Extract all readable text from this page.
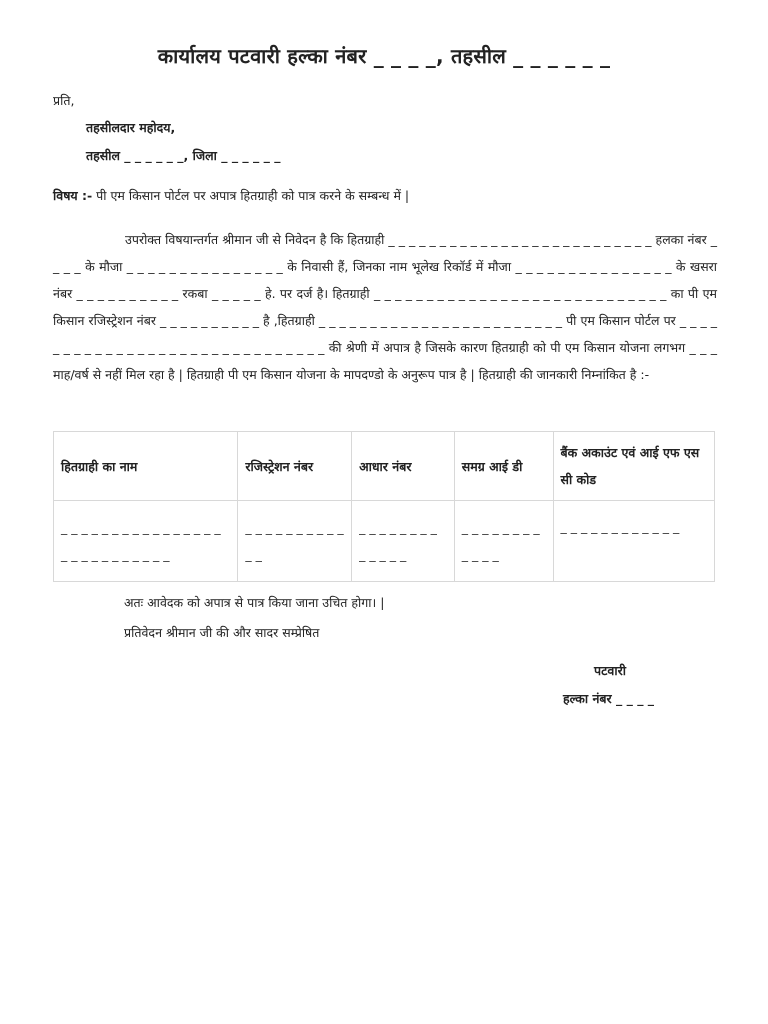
कार्यालय पटवारी हल्का नंबर _ _ _ _, तहसील _ _ _ _ _ _
प्रति,
तहसीलदार महोदय,
तहसील _ _ _ _ _ _, जिला _ _ _ _ _ _
विषय :- पी एम किसान पोर्टल पर अपात्र हितग्राही को पात्र करने के सम्बन्ध में |

उपरोक्त विषयान्तर्गत श्रीमान जी से निवेदन है कि हितग्राही _ _ _ _ _ _ _ _ _ _ _ _ _ _ _ _ _ _ _ _ _ _ _ _ _ _ हलका नंबर _ _ _ _ के मौजा _ _ _ _ _ _ _ _ _ _ _ _ _ _ _ के निवासी हैं, जिनका नाम भूलेख रिकॉर्ड में मौजा _ _ _ _ _ _ _ _ _ _ _ _ _ _ _ के खसरा नंबर _ _ _ _ _ _ _ _ _ _ रकबा _ _ _ _ _ हे. पर दर्ज है। हितग्राही _ _ _ _ _ _ _ _ _ _ _ _ _ _ _ _ _ _ _ _ _ _ _ _ _ _ _ _ का पी एम किसान रजिस्ट्रेशन नंबर _ _ _ _ _ _ _ _ _ _ है ,हितग्राही _ _ _ _ _ _ _ _ _ _ _ _ _ _ _ _ _ _ _ _ _ _ _ _ पी एम किसान पोर्टल पर _ _ _ _ _ _ _ _ _ _ _ _ _ _ _ _ _ _ _ _ _ _ _ _ _ _ _ _ _ _ की श्रेणी में अपात्र है जिसके कारण हितग्राही को पी एम किसान योजना लगभग _ _ _ माह/वर्ष से नहीं मिल रहा है | हितग्राही पी एम किसान योजना के मापदण्डो के अनुरूप पात्र है | हितग्राही की जानकारी निम्नांकित है :-

हितग्राही का नाम	रजिस्ट्रेशन नंबर	आधार नंबर	समग्र आई डी	बैंक अकाउंट एवं आई एफ एस सी कोड
_ _ _ _ _ _ _ _ _ _ _ _ _ _ _ _ _ _ _ _ _ _ _ _ _ _ _	_ _ _ _ _ _ _ _ _ _ _ _	_ _ _ _ _ _ _ _ _ _ _ _ _	_ _ _ _ _ _ _ _ _ _ _ _	_ _ _ _ _ _ _ _ _ _ _ _
अतः आवेदक को अपात्र से पात्र किया जाना उचित होगा। |
प्रतिवेदन श्रीमान जी की और सादर सम्प्रेषित
पटवारी
हल्का नंबर _ _ _ _
